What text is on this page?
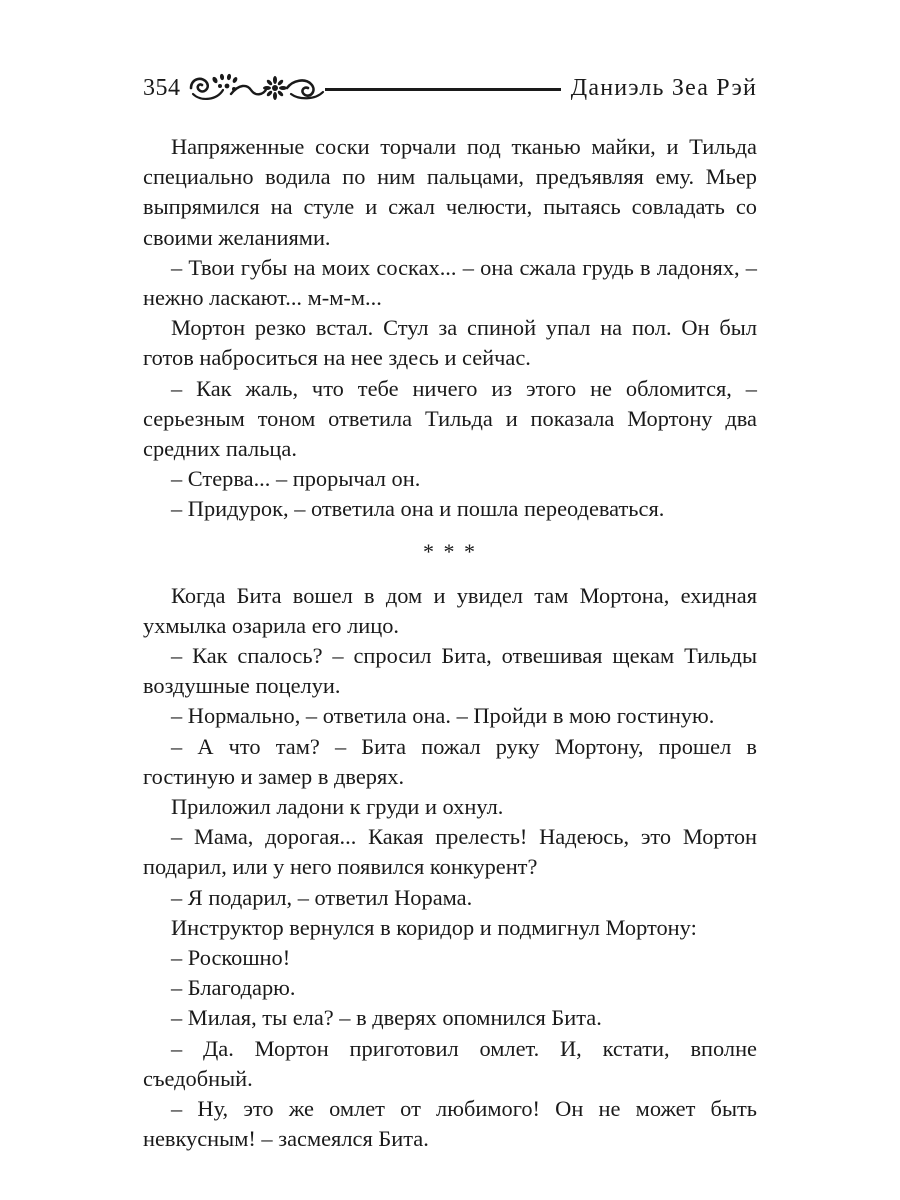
354	Даниэль Зеа Рэй

Напряженные соски торчали под тканью майки, и Тильда специально водила по ним пальцами, предъявляя ему. Мьер выпрямился на стуле и сжал челюсти, пытаясь совладать со своими желаниями.

– Твои губы на моих сосках... – она сжала грудь в ладонях, – нежно ласкают... м-м-м...

Мортон резко встал. Стул за спиной упал на пол. Он был готов наброситься на нее здесь и сейчас.

– Как жаль, что тебе ничего из этого не обломится, – серьезным тоном ответила Тильда и показала Мортону два средних пальца.

– Стерва... – прорычал он.

– Придурок, – ответила она и пошла переодеваться.

* * *

Когда Бита вошел в дом и увидел там Мортона, ехидная ухмылка озарила его лицо.

– Как спалось? – спросил Бита, отвешивая щекам Тильды воздушные поцелуи.

– Нормально, – ответила она. – Пройди в мою гостиную.

– А что там? – Бита пожал руку Мортону, прошел в гостиную и замер в дверях.

Приложил ладони к груди и охнул.

– Мама, дорогая... Какая прелесть! Надеюсь, это Мортон подарил, или у него появился конкурент?

– Я подарил, – ответил Норама.

Инструктор вернулся в коридор и подмигнул Мортону:

– Роскошно!

– Благодарю.

– Милая, ты ела? – в дверях опомнился Бита.

– Да. Мортон приготовил омлет. И, кстати, вполне съедобный.

– Ну, это же омлет от любимого! Он не может быть невкусным! – засмеялся Бита.
